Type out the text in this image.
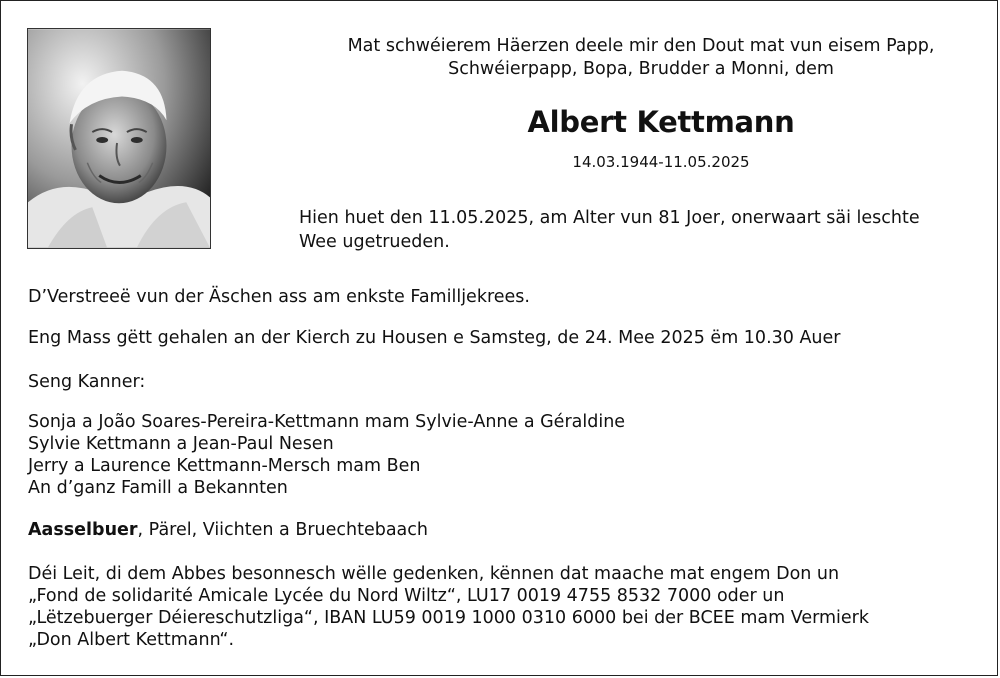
Mat schwéierem Häerzen deele mir den Dout mat vun eisem Papp,
Schwéierpapp, Bopa, Brudder a Monni, dem
Albert Kettmann
14.03.1944-11.05.2025
Hien huet den 11.05.2025, am Alter vun 81 Joer, onerwaart säi leschte
Wee ugetrueden.
D’Verstreeë vun der Äschen ass am enkste Familljekrees.
Eng Mass gëtt gehalen an der Kierch zu Housen e Samsteg, de 24. Mee 2025 ëm 10.30 Auer
Seng Kanner:
Sonja a João Soares-Pereira-Kettmann mam Sylvie-Anne a Géraldine
Sylvie Kettmann a Jean-Paul Nesen
Jerry a Laurence Kettmann-Mersch mam Ben
An d’ganz Famill a Bekannten
Aasselbuer, Pärel, Viichten a Bruechtebaach
Déi Leit, di dem Abbes besonnesch wëlle gedenken, kënnen dat maache mat engem Don un
„Fond de solidarité Amicale Lycée du Nord Wiltz“, LU17 0019 4755 8532 7000 oder un
„Lëtzebuerger Déiereschutzliga“, IBAN LU59 0019 1000 0310 6000 bei der BCEE mam Vermierk
„Don Albert Kettmann“.
